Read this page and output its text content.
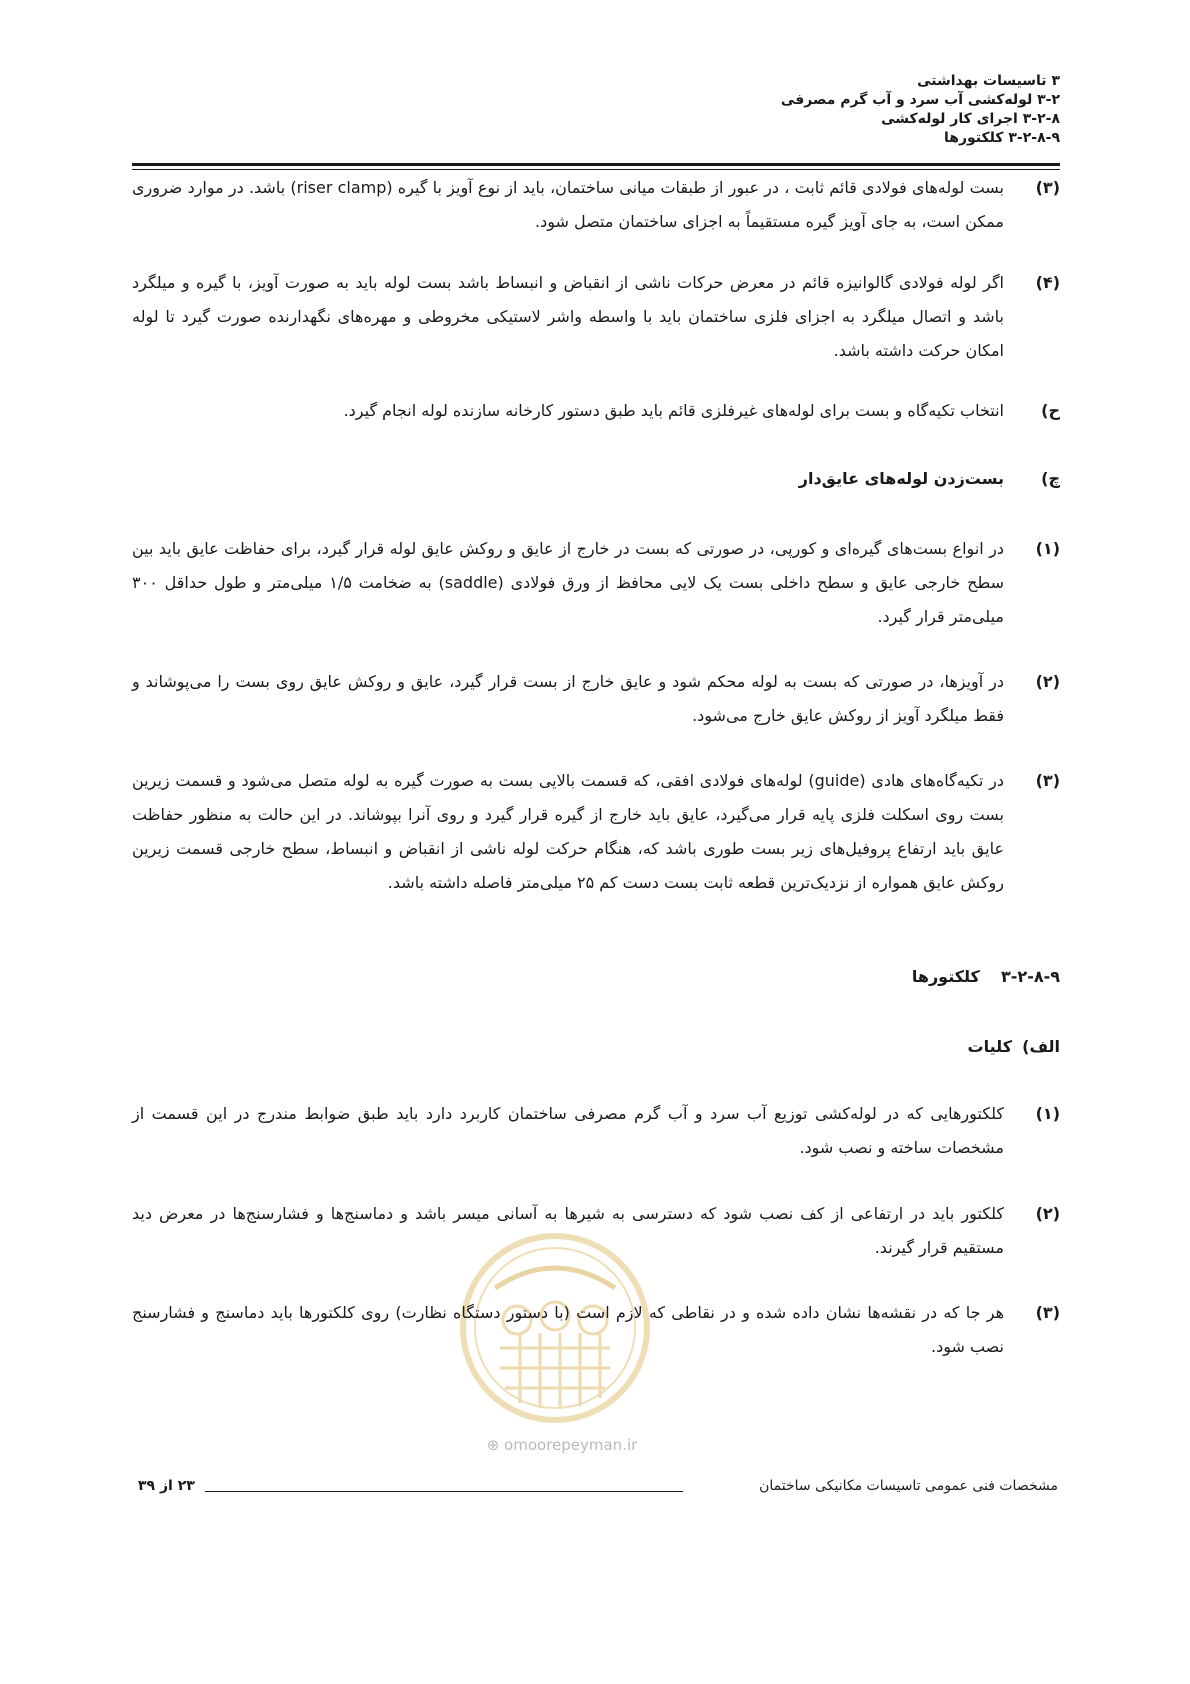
۳ تاسیسات بهداشتی
۳-۲ لوله‌کشی آب سرد و آب گرم مصرفی
۳-۲-۸ اجرای کار لوله‌کشی
۳-۲-۸-۹ کلکتورها
(۳)
بست لوله‌های فولادی قائم ثابت ، در عبور از طبقات میانی ساختمان، باید از نوع آویز با گیره (riser clamp) باشد. در موارد ضروری ممکن است، به جای آویز گیره مستقیماً به اجزای ساختمان متصل شود.
(۴)
اگر لوله فولادی گالوانیزه قائم در معرض حرکات ناشی از انقباض و انبساط باشد بست لوله باید به صورت آویز، با گیره و میلگرد باشد و اتصال میلگرد به اجزای فلزی ساختمان باید با واسطه واشر لاستیکی مخروطی و مهره‌های نگهدارنده صورت گیرد تا لوله امکان حرکت داشته باشد.
ح)
انتخاب تکیه‌گاه و بست برای لوله‌های غیرفلزی قائم باید طبق دستور کارخانه سازنده لوله انجام گیرد.
چ)
بست‌زدن لوله‌های عایق‌دار
(۱)
در انواع بست‌های گیره‌ای و کورپی، در صورتی که بست در خارج از عایق و روکش عایق لوله قرار گیرد، برای حفاظت عایق باید بین سطح خارجی عایق و سطح داخلی بست یک لایی محافظ از ورق فولادی (saddle) به ضخامت ۱/۵ میلی‌متر و طول حداقل ۳۰۰ میلی‌متر قرار گیرد.
(۲)
در آویزها، در صورتی که بست به لوله محکم شود و عایق خارج از بست قرار گیرد، عایق و روکش عایق روی بست را می‌پوشاند و فقط میلگرد آویز از روکش عایق خارج می‌شود.
(۳)
در تکیه‌گاه‌های هادی (guide) لوله‌های فولادی افقی، که قسمت بالایی بست به صورت گیره به لوله متصل می‌شود و قسمت زیرین بست روی اسکلت فلزی پایه قرار می‌گیرد، عایق باید خارج از گیره قرار گیرد و روی آنرا بپوشاند. در این حالت به منظور حفاظت عایق باید ارتفاع پروفیل‌های زیر بست طوری باشد که، هنگام حرکت لوله ناشی از انقباض و انبساط، سطح خارجی قسمت زیرین روکش عایق همواره از نزدیک‌ترین قطعه ثابت بست دست کم ۲۵ میلی‌متر فاصله داشته باشد.
۳-۲-۸-۹  کلکتورها
الف)
کلیات
(۱)
کلکتورهایی که در لوله‌کشی توزیع آب سرد و آب گرم مصرفی ساختمان کاربرد دارد باید طبق ضوابط مندرج در این قسمت از مشخصات ساخته و نصب شود.
(۲)
کلکتور باید در ارتفاعی از کف نصب شود که دسترسی به شیرها به آسانی میسر باشد و دماسنج‌ها و فشارسنج‌ها در معرض دید مستقیم قرار گیرند.
(۳)
هر جا که در نقشه‌ها نشان داده شده و در نقاطی که لازم است (با دستور دستگاه نظارت) روی کلکتورها باید دماسنج و فشارسنج نصب شود.
⊕ omoorepeyman.ir
مشخصات فنی عمومی تاسیسات مکانیکی ساختمان
۲۳ از ۳۹
